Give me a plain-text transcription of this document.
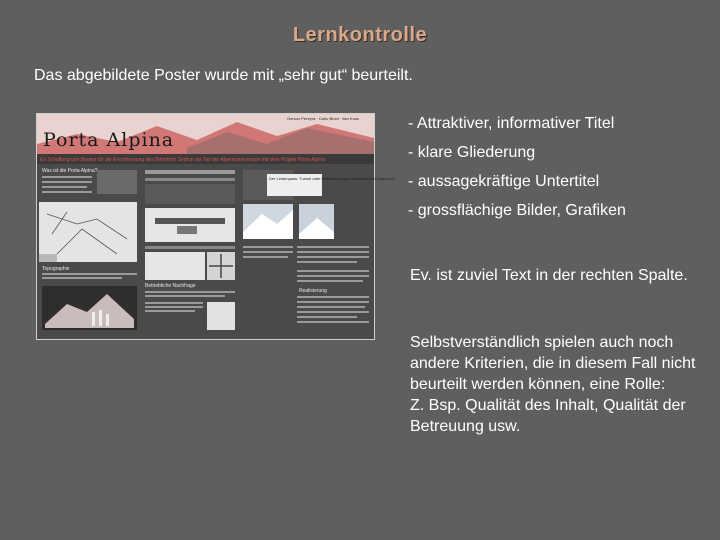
Lernkontrolle
Das abgebildete Poster wurde mit „sehr gut“ beurteilt.
Porta Alpina
Gerson Pereyra · Carlo Bruni · Ilan Koss
Es Schaffung von Bauten für die Erschliessung des Bahnhofs Sedrun als Teil der Alpentransversale mit dem Projekt Porta Alpina
Was ist die Porta Alpina?
Topographie
Betriebliche Nachfrage
Der Lindenpass: Tunnel oder Hebesteigungen unterirdischen Bahnhof?
Realisierung
- Attraktiver, informativer Titel
- klare Gliederung
- aussagekräftige Untertitel
- grossflächige Bilder, Grafiken

Ev. ist zuviel Text in der rechten Spalte.

Selbstverständlich spielen auch noch andere Kriterien, die in diesem Fall nicht beurteilt werden können, eine Rolle:
Z. Bsp. Qualität des Inhalt, Qualität der Betreuung usw.
